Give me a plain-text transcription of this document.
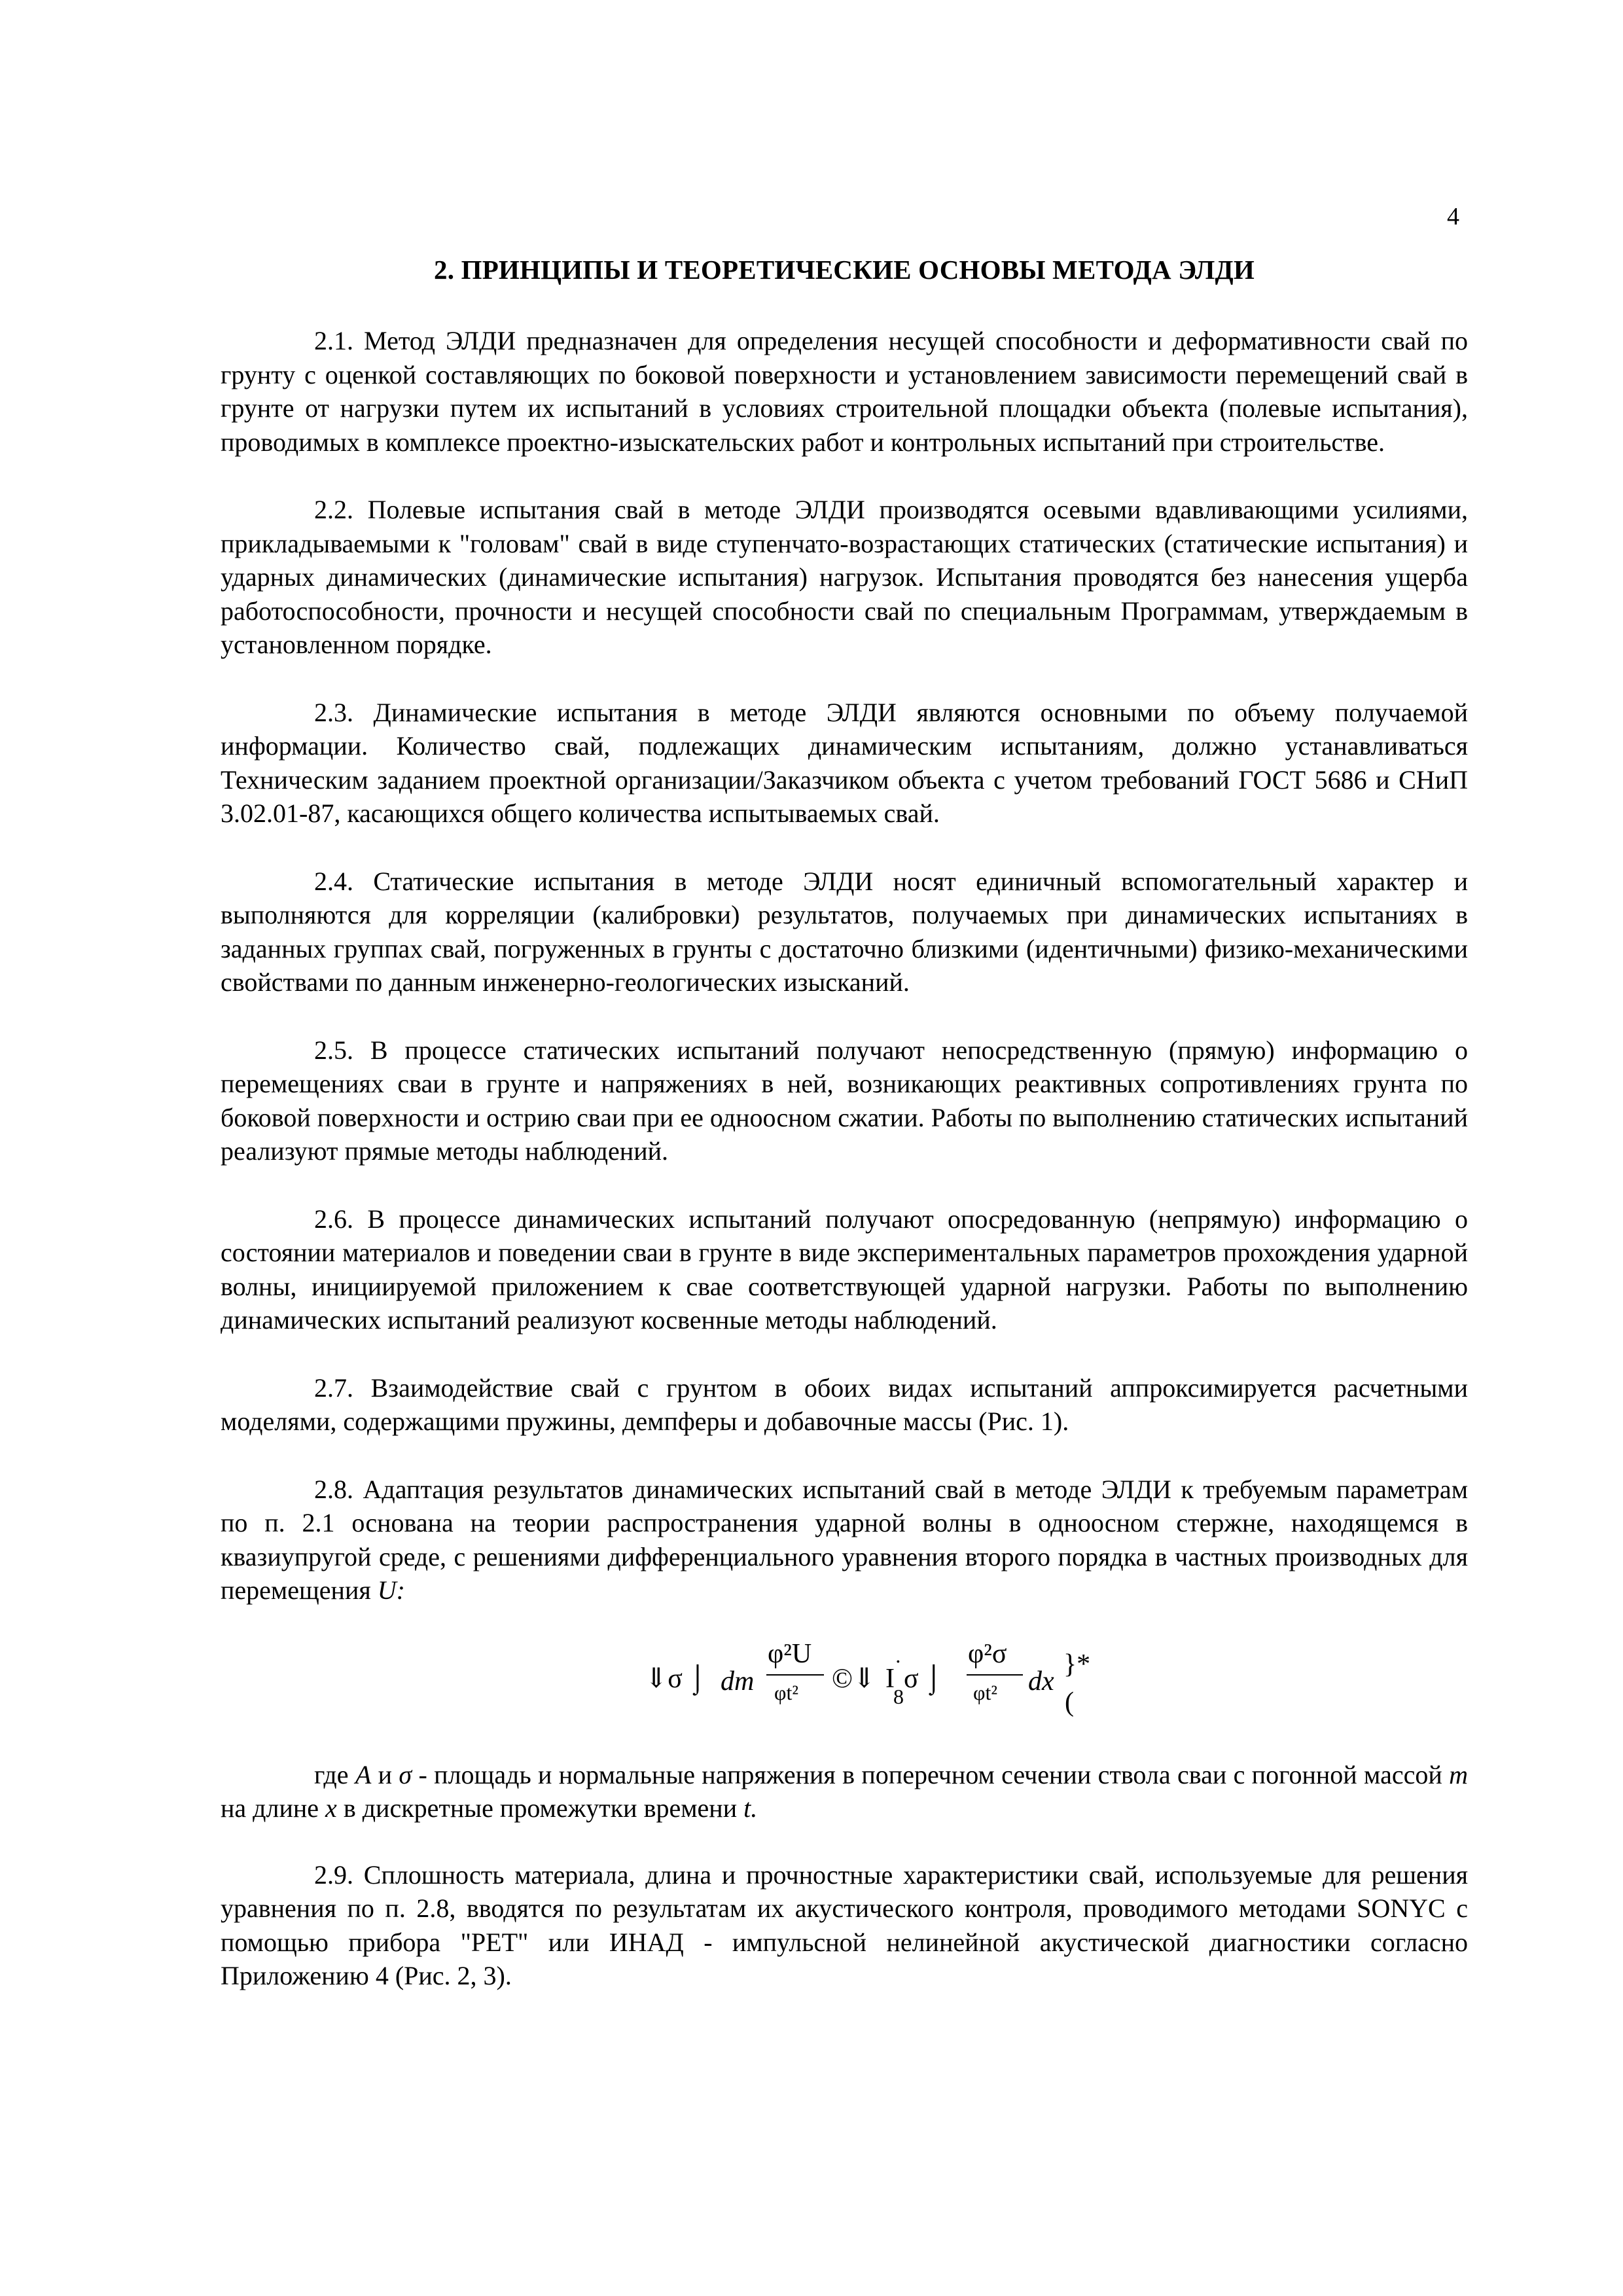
4
2. ПРИНЦИПЫ И ТЕОРЕТИЧЕСКИЕ ОСНОВЫ МЕТОДА ЭЛДИ

2.1. Метод ЭЛДИ предназначен для определения несущей способности и деформативности свай по грунту с оценкой составляющих по боковой поверхности и установлением зависимости перемещений свай в грунте от нагрузки путем их испытаний в условиях строительной площадки объекта (полевые испытания), проводимых в комплексе проектно-изыскательских работ и контрольных испытаний при строительстве.

2.2. Полевые испытания свай в методе ЭЛДИ производятся осевыми вдавливающими усилиями, прикладываемыми к "головам" свай в виде ступенчато-возрастающих статических (статические испытания) и ударных динамических (динамические испытания) нагрузок. Испытания проводятся без нанесения ущерба работоспособности, прочности и несущей способности свай по специальным Программам, утверждаемым в установленном порядке.

2.3. Динамические испытания в методе ЭЛДИ являются основными по объему получаемой информации. Количество свай, подлежащих динамическим испытаниям, должно устанавливаться Техническим заданием проектной организации/Заказчиком объекта с учетом требований ГОСТ 5686 и СНиП 3.02.01-87, касающихся общего количества испытываемых свай.

2.4. Статические испытания в методе ЭЛДИ носят единичный вспомогательный характер и выполняются для корреляции (калибровки) результатов, получаемых при динамических испытаниях в заданных группах свай, погруженных в грунты с достаточно близкими (идентичными) физико-механическими свойствами по данным инженерно-геологических изысканий.

2.5. В процессе статических испытаний получают непосредственную (прямую) информацию о перемещениях сваи в грунте и напряжениях в ней, возникающих реактивных сопротивлениях грунта по боковой поверхности и острию сваи при ее одноосном сжатии. Работы по выполнению статических испытаний реализуют прямые методы наблюдений.

2.6. В процессе динамических испытаний получают опосредованную (непрямую) информацию о состоянии материалов и поведении сваи в грунте в виде экспериментальных параметров прохождения ударной волны, инициируемой приложением к свае соответствующей ударной нагрузки. Работы по выполнению динамических испытаний реализуют косвенные методы наблюдений.

2.7. Взаимодействие свай с грунтом в обоих видах испытаний аппроксимируется расчетными моделями, содержащими пружины, демпферы и добавочные массы (Рис. 1).

2.8. Адаптация результатов динамических испытаний свай в методе ЭЛДИ к требуемым параметрам по п. 2.1 основана на теории распространения ударной волны в одноосном стержне, находящемся в квазиупругой среде, с решениями дифференциального уравнения второго порядка в частных производных для перемещения U:

⇓σ ⌡ dm
φ²U
φt² ©⇓ I
·
8
σ ⌡
φ²σ
φt² dx
}*
(

где A и σ - площадь и нормальные напряжения в поперечном сечении ствола сваи с погонной массой m на длине x в дискретные промежутки времени t.

2.9. Сплошность материала, длина и прочностные характеристики свай, используемые для решения уравнения по п. 2.8, вводятся по результатам их акустического контроля, проводимого методами SONYC с помощью прибора "PET" или ИНАД - импульсной нелинейной акустической диагностики согласно Приложению 4 (Рис. 2, 3).
